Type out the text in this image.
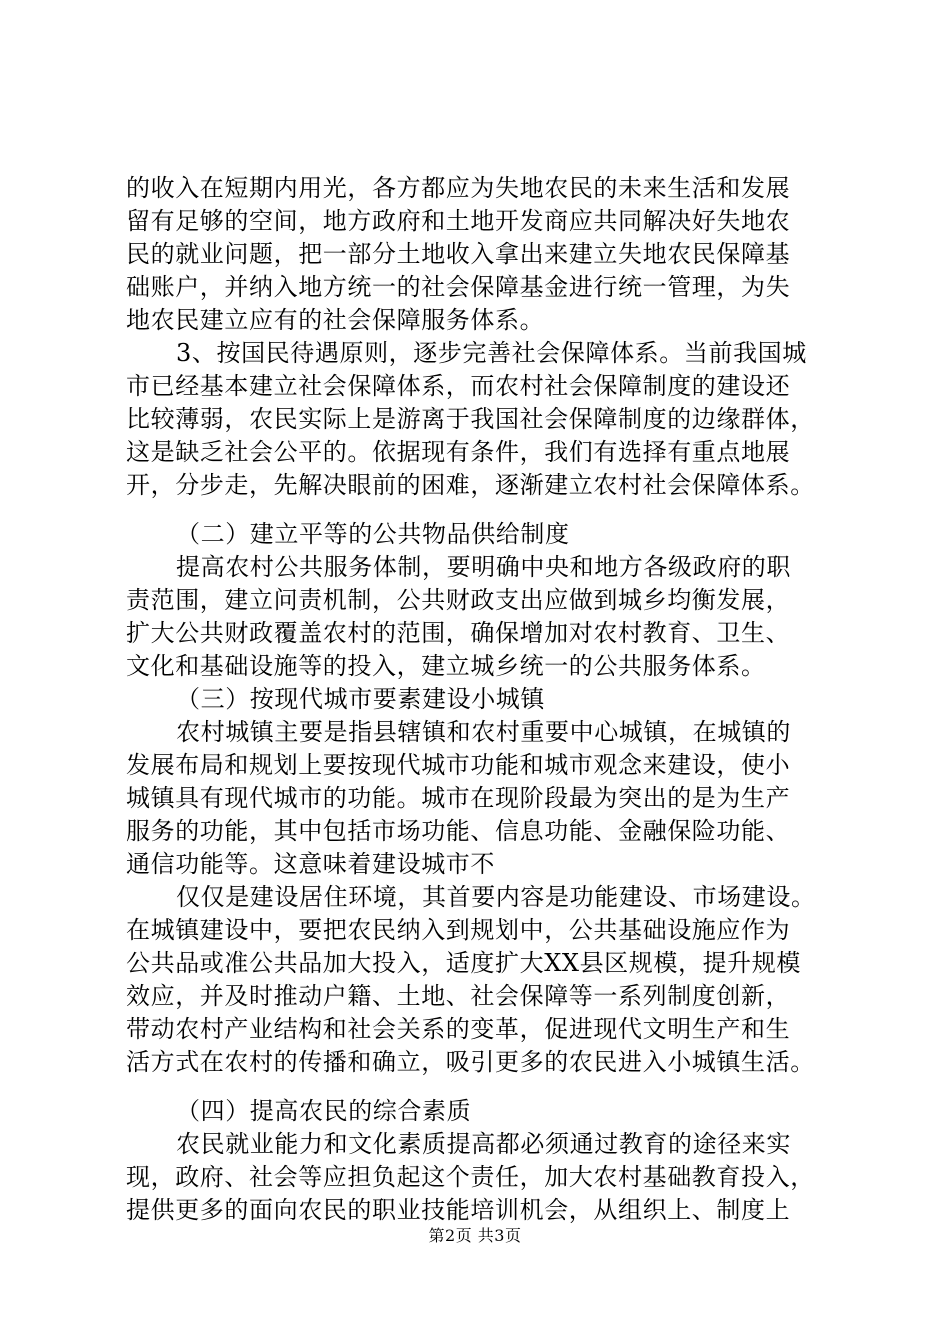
的收入在短期内用光，各方都应为失地农民的未来生活和发展
留有足够的空间，地方政府和土地开发商应共同解决好失地农
民的就业问题，把一部分土地收入拿出来建立失地农民保障基
础账户，并纳入地方统一的社会保障基金进行统一管理，为失
地农民建立应有的社会保障服务体系。
3、按国民待遇原则，逐步完善社会保障体系。当前我国城
市已经基本建立社会保障体系，而农村社会保障制度的建设还
比较薄弱，农民实际上是游离于我国社会保障制度的边缘群体，
这是缺乏社会公平的。依据现有条件，我们有选择有重点地展
开，分步走，先解决眼前的困难，逐渐建立农村社会保障体系。
（二）建立平等的公共物品供给制度
提高农村公共服务体制，要明确中央和地方各级政府的职
责范围，建立问责机制，公共财政支出应做到城乡均衡发展，
扩大公共财政覆盖农村的范围，确保增加对农村教育、卫生、
文化和基础设施等的投入，建立城乡统一的公共服务体系。
（三）按现代城市要素建设小城镇
农村城镇主要是指县辖镇和农村重要中心城镇，在城镇的
发展布局和规划上要按现代城市功能和城市观念来建设，使小
城镇具有现代城市的功能。城市在现阶段最为突出的是为生产
服务的功能，其中包括市场功能、信息功能、金融保险功能、
通信功能等。这意味着建设城市不
仅仅是建设居住环境，其首要内容是功能建设、市场建设。
在城镇建设中，要把农民纳入到规划中，公共基础设施应作为
公共品或准公共品加大投入，适度扩大XX县区规模，提升规模
效应，并及时推动户籍、土地、社会保障等一系列制度创新，
带动农村产业结构和社会关系的变革，促进现代文明生产和生
活方式在农村的传播和确立，吸引更多的农民进入小城镇生活。
（四）提高农民的综合素质
农民就业能力和文化素质提高都必须通过教育的途径来实
现，政府、社会等应担负起这个责任，加大农村基础教育投入，
提供更多的面向农民的职业技能培训机会，从组织上、制度上
第2页 共3页
